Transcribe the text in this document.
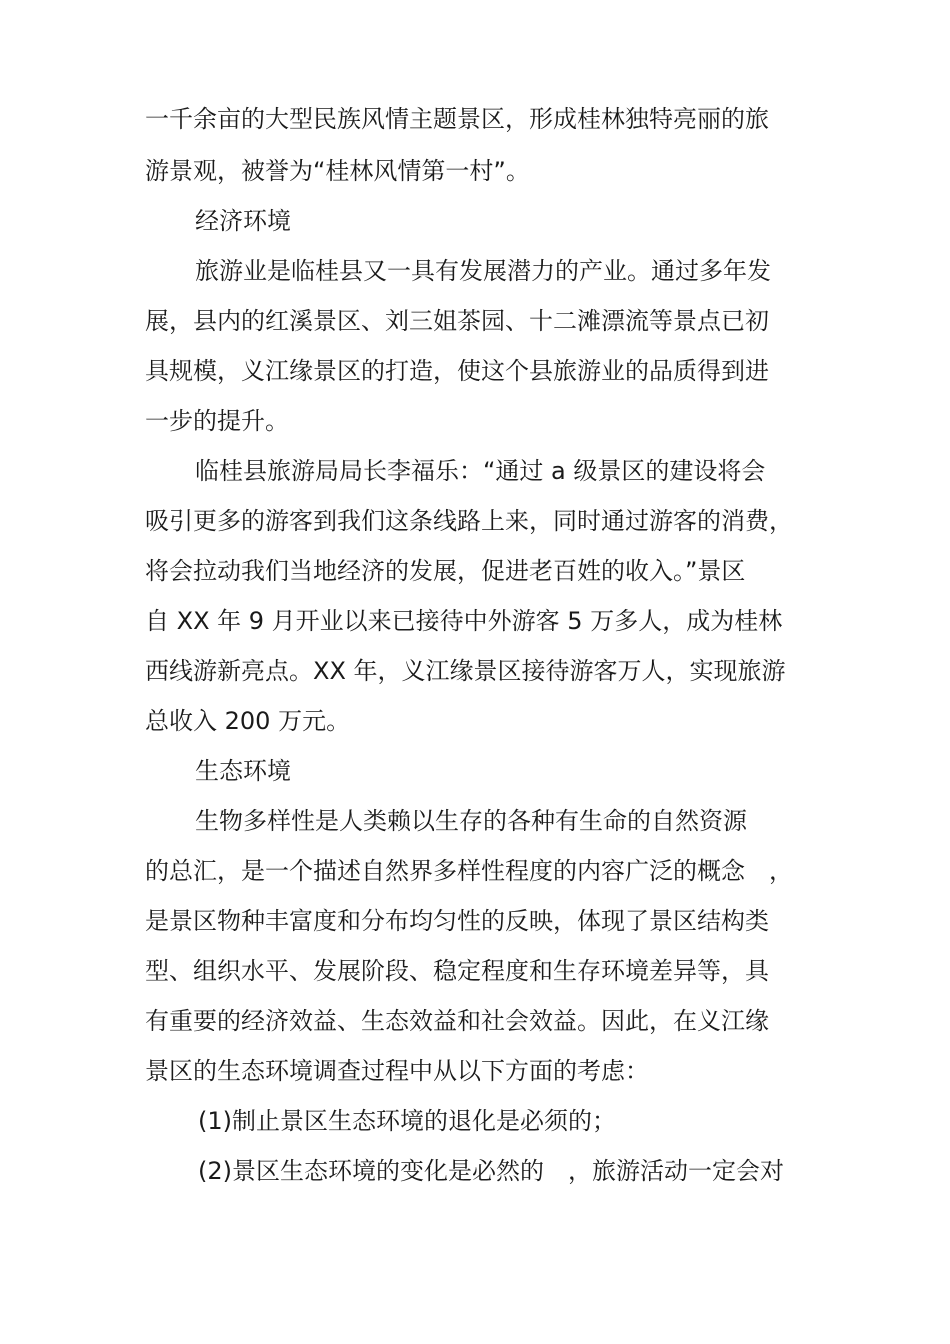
一千余亩的大型民族风情主题景区，形成桂林独特亮丽的旅
游景观，被誉为“桂林风情第一村”。
经济环境
旅游业是临桂县又一具有发展潜力的产业。通过多年发
展，县内的红溪景区、刘三姐茶园、十二滩漂流等景点已初
具规模，义江缘景区的打造，使这个县旅游业的品质得到进
一步的提升。
临桂县旅游局局长李福乐：“通过 a 级景区的建设将会
吸引更多的游客到我们这条线路上来，同时通过游客的消费，
将会拉动我们当地经济的发展，促进老百姓的收入。”景区
自 XX 年 9 月开业以来已接待中外游客 5 万多人，成为桂林
西线游新亮点。XX 年，义江缘景区接待游客万人，实现旅游
总收入 200 万元。
生态环境
生物多样性是人类赖以生存的各种有生命的自然资源
的总汇，是一个描述自然界多样性程度的内容广泛的概念　，
是景区物种丰富度和分布均匀性的反映，体现了景区结构类
型、组织水平、发展阶段、稳定程度和生存环境差异等，具
有重要的经济效益、生态效益和社会效益。因此，在义江缘
景区的生态环境调查过程中从以下方面的考虑：
(1)制止景区生态环境的退化是必须的；
(2)景区生态环境的变化是必然的　，旅游活动一定会对
